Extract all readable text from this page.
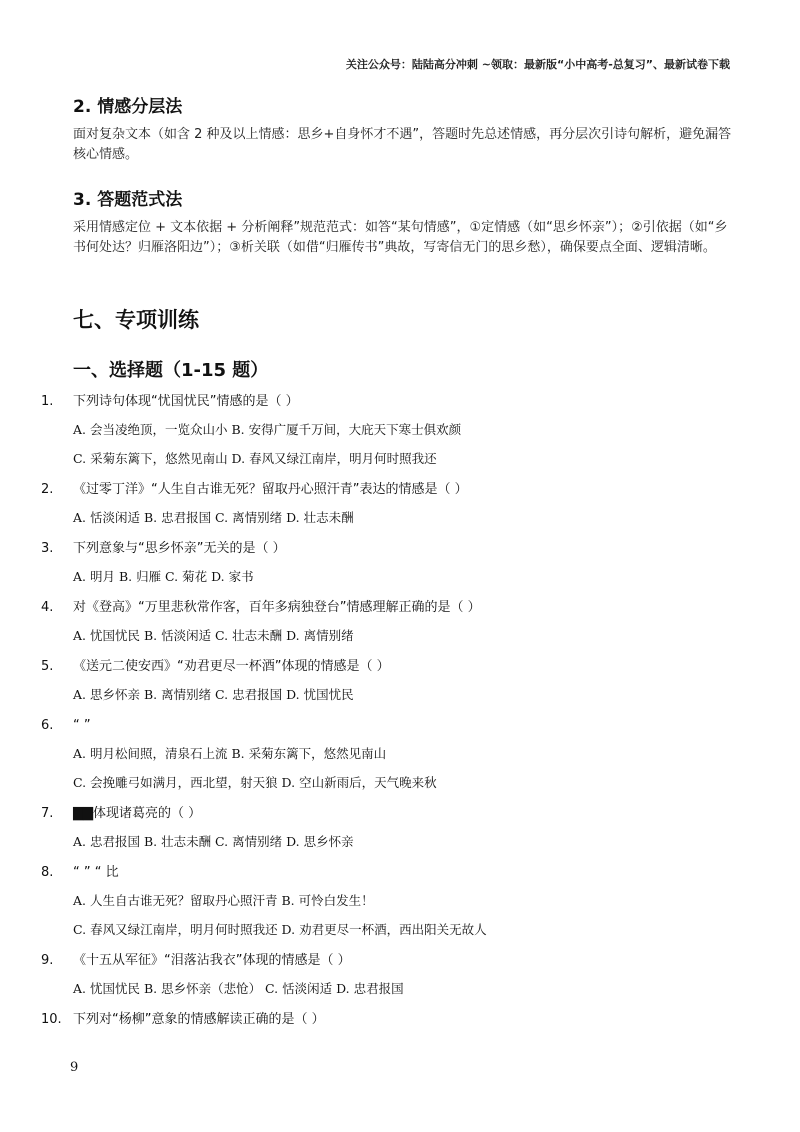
关注公众号：陆陆高分冲刺 ~领取：最新版“小中高考-总复习”、最新试卷下载
2. 情感分层法

面对复杂文本（如含 2 种及以上情感：思乡+自身怀才不遇”，答题时先总述情感，再分层次引诗句解析，避免漏答核心情感。

3. 答题范式法

采用情感定位 + 文本依据 + 分析阐释”规范范式：如答“某句情感”，①定情感（如“思乡怀亲”）；②引依据（如“乡书何处达？归雁洛阳边”）；③析关联（如借“归雁传书”典故，写寄信无门的思乡愁），确保要点全面、逻辑清晰。

七、专项训练
一、选择题（1-15 题）
1. 下列诗句体现“忧国忧民”情感的是（ ）
A. 会当凌绝顶，一览众山小 B. 安得广厦千万间，大庇天下寒士俱欢颜
C. 采菊东篱下，悠然见南山 D. 春风又绿江南岸，明月何时照我还
2. 《过零丁洋》“人生自古谁无死？留取丹心照汗青”表达的情感是（ ）
A. 恬淡闲适 B. 忠君报国 C. 离情别绪 D. 壮志未酬
3. 下列意象与“思乡怀亲”无关的是（ ）
A. 明月 B. 归雁 C. 菊花 D. 家书
4. 对《登高》“万里悲秋常作客，百年多病独登台”情感理解正确的是（ ）
A. 忧国忧民 B. 恬淡闲适 C. 壮志未酬 D. 离情别绪
5. 《送元二使安西》“劝君更尽一杯酒”体现的情感是（ ）
A. 思乡怀亲 B. 离情别绪 C. 忠君报国 D. 忧国忧民
6. “ ”
A. 明月松间照，清泉石上流 B. 采菊东篱下，悠然见南山
C. 会挽雕弓如满月，西北望，射天狼 D. 空山新雨后，天气晚来秋
7. ▇▇体现诸葛亮的（ ）
A. 忠君报国 B. 壮志未酬 C. 离情别绪 D. 思乡怀亲
8. “ ” “ 比
A. 人生自古谁无死？留取丹心照汗青 B. 可怜白发生！
C. 春风又绿江南岸，明月何时照我还 D. 劝君更尽一杯酒，西出阳关无故人
9. 《十五从军征》“泪落沾我衣”体现的情感是（ ）
A. 忧国忧民 B. 思乡怀亲（悲怆） C. 恬淡闲适 D. 忠君报国
10. 下列对“杨柳”意象的情感解读正确的是（ ）
9
